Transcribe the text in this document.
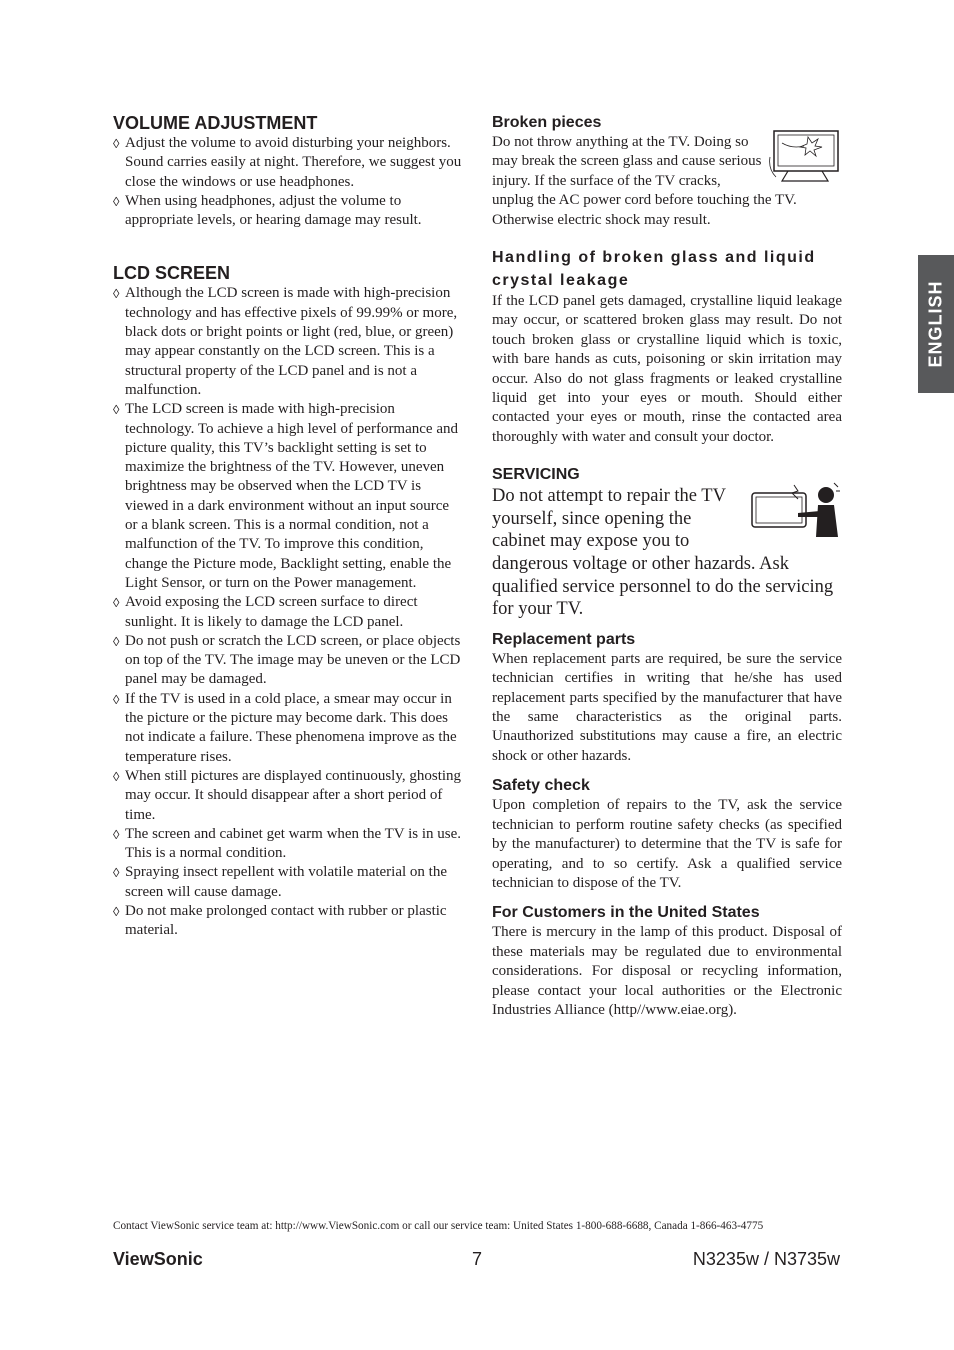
VOLUME ADJUSTMENT
◊ Adjust the volume to avoid disturbing your neighbors. Sound carries easily at night. Therefore, we suggest you close the windows or use headphones.
◊ When using headphones, adjust the volume to appropriate levels, or hearing damage may result.
LCD SCREEN
◊ Although the LCD screen is made with high-precision technology and has effective pixels of 99.99% or more, black dots or bright points or light (red, blue, or green) may appear constantly on the LCD screen. This is a structural property of the LCD panel and is not a malfunction.
◊ The LCD screen is made with high-precision technology. To achieve a high level of performance and picture quality, this TV’s backlight setting is set to maximize the brightness of the TV. However, uneven brightness may be observed when the LCD TV is viewed in a dark environment without an input source or a blank screen. This is a normal condition, not a malfunction of the TV. To improve this condition, change the Picture mode, Backlight setting, enable the Light Sensor, or turn on the Power management.
◊ Avoid exposing the LCD screen surface to direct sunlight. It is likely to damage the LCD panel.
◊ Do not push or scratch the LCD screen, or place objects on top of the TV. The image may be uneven or the LCD panel may be damaged.
◊ If the TV is used in a cold place, a smear may occur in the picture or the picture may become dark. This does not indicate a failure. These phenomena improve as the temperature rises.
◊ When still pictures are displayed continuously, ghosting may occur. It should disappear after a short period of time.
◊ The screen and cabinet get warm when the TV is in use. This is a normal condition.
◊ Spraying insect repellent with volatile material on the screen will cause damage.
◊ Do not make prolonged contact with rubber or plastic material.
Broken pieces

Do not throw anything at the TV. Doing so may break the screen glass and cause serious injury. If the surface of the TV cracks, unplug the AC power cord before touching the TV. Otherwise electric shock may result.

Handling of broken glass and liquid crystal leakage

If the LCD panel gets damaged, crystalline liquid leakage may occur, or scattered broken glass may result. Do not touch broken glass or crystalline liquid which is toxic, with bare hands as cuts, poisoning or skin irritation may occur. Also do not glass fragments or leaked crystalline liquid get into your eyes or mouth. Should either contacted your eyes or mouth, rinse the contacted area thoroughly with water and consult your doctor.

SERVICING

Do not attempt to repair the TV yourself, since opening the cabinet may expose you to dangerous voltage or other hazards. Ask qualified service personnel to do the servicing for your TV.

Replacement parts

When replacement parts are required, be sure the service technician certifies in writing that he/she has used replacement parts specified by the manufacturer that have the same characteristics as the original parts. Unauthorized substitutions may cause a fire, an electric shock or other hazards.

Safety check

Upon completion of repairs to the TV, ask the service technician to perform routine safety checks (as specified by the manufacturer) to determine that the TV is safe for operating, and to so certify. Ask a qualified service technician to dispose of the TV.

For Customers in the United States

There is mercury in the lamp of this product. Disposal of these materials may be regulated due to environmental considerations. For disposal or recycling information, please contact your local authorities or the Electronic Industries Alliance (http//www.eiae.org).

ENGLISH
Contact ViewSonic service team at: http://www.ViewSonic.com or call our service team: United States 1-800-688-6688, Canada 1-866-463-4775
ViewSonic	7	N3235w / N3735w
